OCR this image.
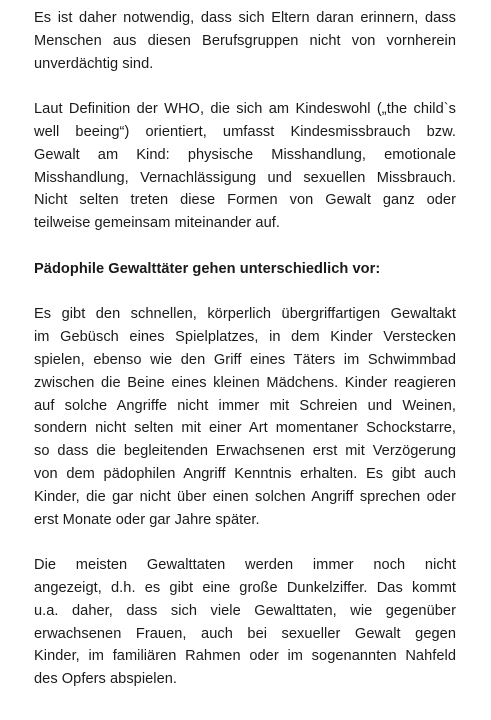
Es ist daher notwendig, dass sich Eltern daran erinnern, dass
Menschen aus diesen Berufsgruppen nicht von vornherein
unverdächtig sind.

Laut Definition der WHO, die sich am Kindeswohl („the child`s
well beeing“) orientiert, umfasst Kindesmissbrauch bzw.
Gewalt am Kind: physische Misshandlung, emotionale
Misshandlung, Vernachlässigung und sexuellen Missbrauch.
Nicht selten treten diese Formen von Gewalt ganz oder
teilweise gemeinsam miteinander auf.

Pädophile Gewalttäter gehen unterschiedlich vor:

Es gibt den schnellen, körperlich übergriffartigen Gewaltakt
im Gebüsch eines Spielplatzes, in dem Kinder Verstecken
spielen, ebenso wie den Griff eines Täters im Schwimmbad
zwischen die Beine eines kleinen Mädchens. Kinder reagieren
auf solche Angriffe nicht immer mit Schreien und Weinen,
sondern nicht selten mit einer Art momentaner Schockstarre,
so dass die begleitenden Erwachsenen erst mit Verzögerung
von dem pädophilen Angriff Kenntnis erhalten. Es gibt auch
Kinder, die gar nicht über einen solchen Angriff sprechen oder
erst Monate oder gar Jahre später.

Die meisten Gewalttaten werden immer noch nicht
angezeigt, d.h. es gibt eine große Dunkelziffer. Das kommt
u.a. daher, dass sich viele Gewalttaten, wie gegenüber
erwachsenen Frauen, auch bei sexueller Gewalt gegen
Kinder, im familiären Rahmen oder im sogenannten Nahfeld
des Opfers abspielen.
